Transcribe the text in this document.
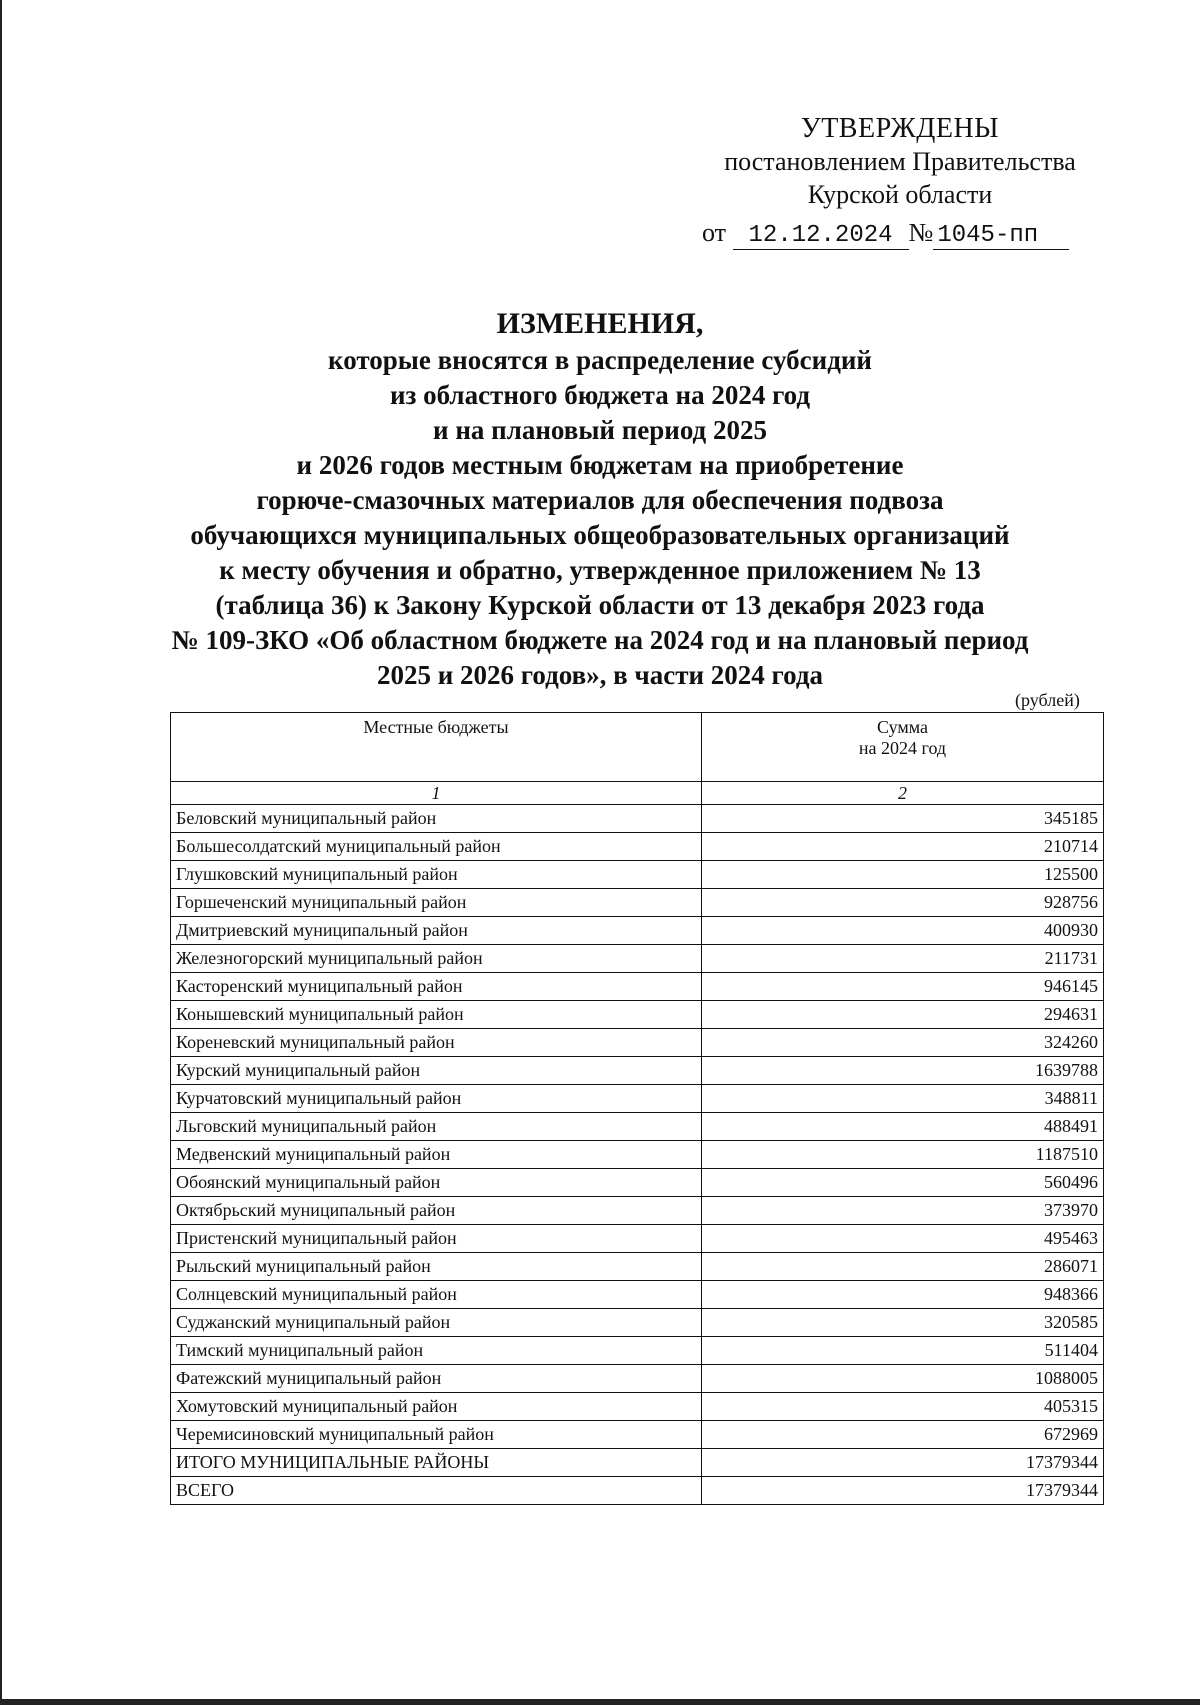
УТВЕРЖДЕНЫ
постановлением Правительства
Курской области
от 12.12.2024 № 1045-пп
ИЗМЕНЕНИЯ,
которые вносятся в распределение субсидий
из областного бюджета на 2024 год
и на плановый период 2025
и 2026 годов местным бюджетам на приобретение
горюче-смазочных материалов для обеспечения подвоза
обучающихся муниципальных общеобразовательных организаций
к месту обучения и обратно, утвержденное приложением № 13
(таблица 36) к Закону Курской области от 13 декабря 2023 года
№ 109-ЗКО «Об областном бюджете на 2024 год и на плановый период
2025 и 2026 годов», в части 2024 года
(рублей)
Местные бюджеты	Сумма
на 2024 год

1	2
Беловский муниципальный район	345185
Большесолдатский муниципальный район	210714
Глушковский муниципальный район	125500
Горшеченский муниципальный район	928756
Дмитриевский муниципальный район	400930
Железногорский муниципальный район	211731
Касторенский муниципальный район	946145
Конышевский муниципальный район	294631
Кореневский муниципальный район	324260
Курский муниципальный район	1639788
Курчатовский муниципальный район	348811
Льговский муниципальный район	488491
Медвенский муниципальный район	1187510
Обоянский муниципальный район	560496
Октябрьский муниципальный район	373970
Пристенский муниципальный район	495463
Рыльский муниципальный район	286071
Солнцевский муниципальный район	948366
Суджанский муниципальный район	320585
Тимский муниципальный район	511404
Фатежский муниципальный район	1088005
Хомутовский муниципальный район	405315
Черемисиновский муниципальный район	672969
ИТОГО МУНИЦИПАЛЬНЫЕ РАЙОНЫ	17379344
ВСЕГО	17379344
